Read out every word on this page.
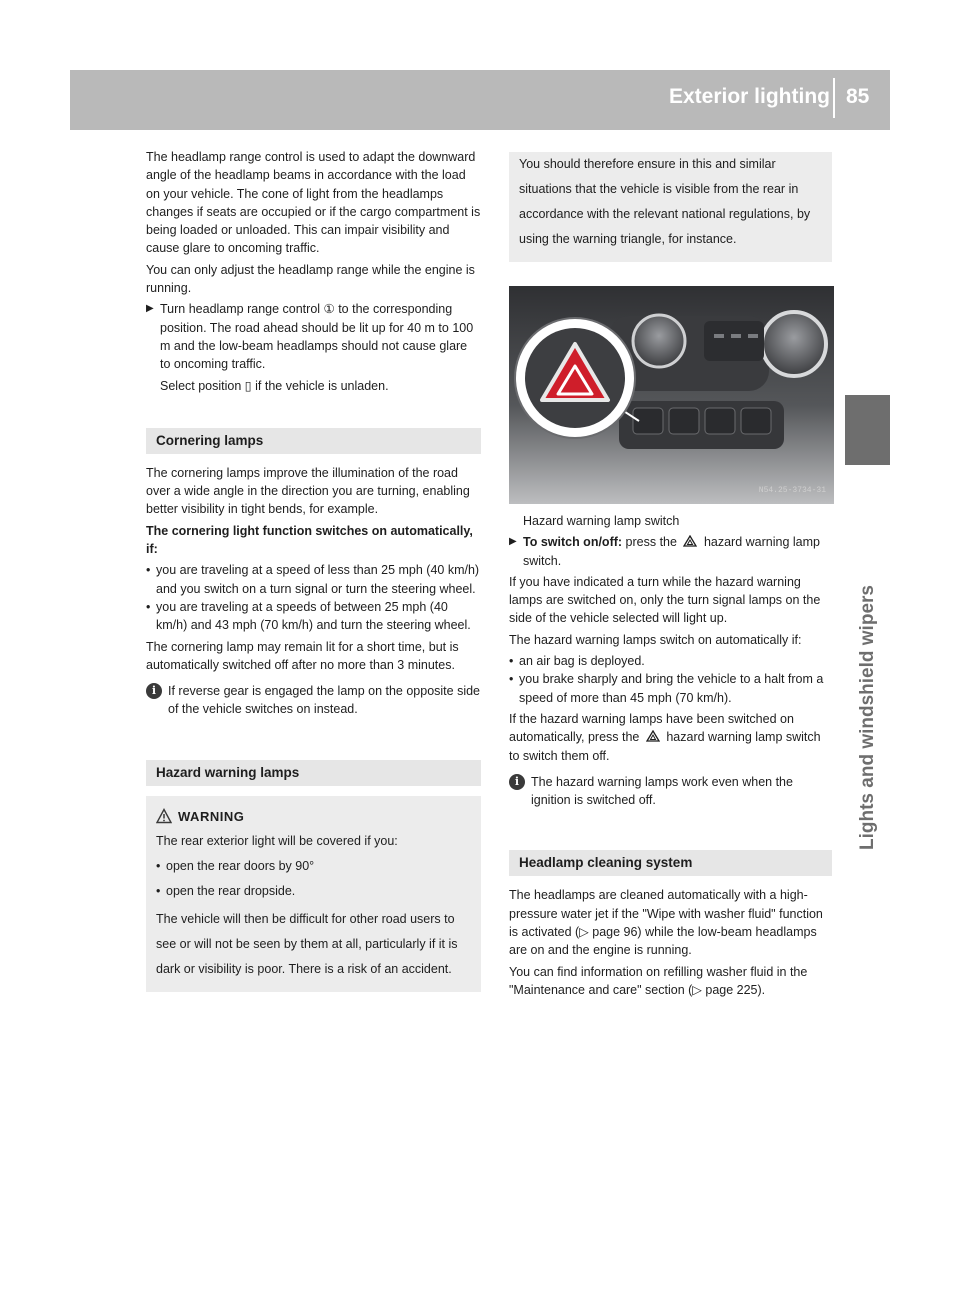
Exterior lighting 85
Lights and windshield wipers

The headlamp range control is used to adapt the downward angle of the headlamp beams in accordance with the load on your vehicle. The cone of light from the headlamps changes if seats are occupied or if the cargo compartment is being loaded or unloaded. This can impair visibility and cause glare to oncoming traffic.

You can only adjust the headlamp range while the engine is running.

▶ Turn headlamp range control ① to the corresponding position. The road ahead should be lit up for 40 m to 100 m and the low-beam headlamps should not cause glare to oncoming traffic.

Select position ▯ if the vehicle is unladen.

Cornering lamps

The cornering lamps improve the illumination of the road over a wide angle in the direction you are turning, enabling better visibility in tight bends, for example.

The cornering light function switches on automatically, if:

• you are traveling at a speed of less than 25 mph (40 km/h) and you switch on a turn signal or turn the steering wheel.
• you are traveling at a speeds of between 25 mph (40 km/h) and 43 mph (70 km/h) and turn the steering wheel.

The cornering lamp may remain lit for a short time, but is automatically switched off after no more than 3 minutes.

i If reverse gear is engaged the lamp on the opposite side of the vehicle switches on instead.
Hazard warning lamps
WARNING
The rear exterior light will be covered if you:
• open the rear doors by 90°
• open the rear dropside.
The vehicle will then be difficult for other road users to see or will not be seen by them at all, particularly if it is dark or visibility is poor. There is a risk of an accident.
You should therefore ensure in this and similar situations that the vehicle is visible from the rear in accordance with the relevant national regulations, by using the warning triangle, for instance.
N54.25-3734-31

Hazard warning lamp switch

▶ To switch on/off: press the hazard warning lamp switch.

If you have indicated a turn while the hazard warning lamps are switched on, only the turn signal lamps on the side of the vehicle selected will light up.

The hazard warning lamps switch on automatically if:

• an air bag is deployed.
• you brake sharply and bring the vehicle to a halt from a speed of more than 45 mph (70 km/h).

If the hazard warning lamps have been switched on automatically, press the hazard warning lamp switch to switch them off.

i The hazard warning lamps work even when the ignition is switched off.
Headlamp cleaning system

The headlamps are cleaned automatically with a high-pressure water jet if the "Wipe with washer fluid" function is activated (▷ page 96) while the low-beam headlamps are on and the engine is running.

You can find information on refilling washer fluid in the "Maintenance and care" section (▷ page 225).
